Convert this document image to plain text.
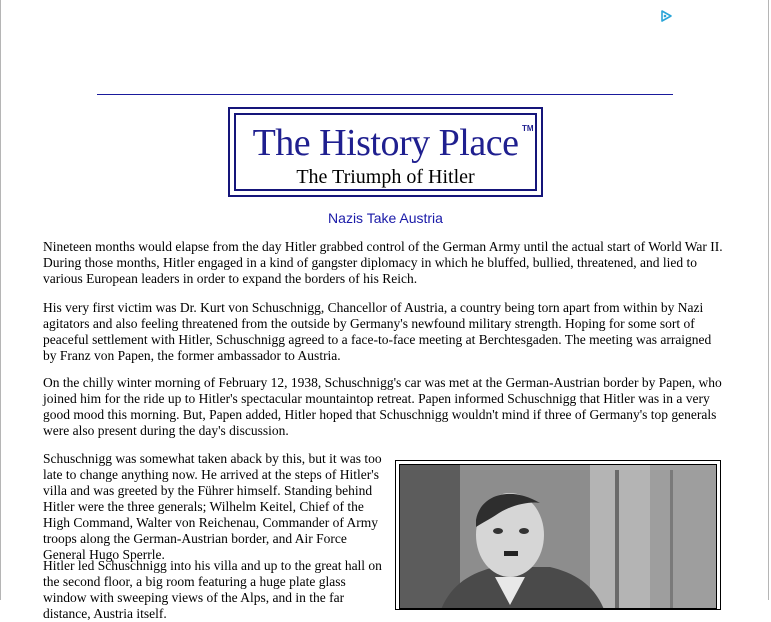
The History Place TM
The Triumph of Hitler
Nazis Take Austria

Nineteen months would elapse from the day Hitler grabbed control of the German Army until the actual start of World War II. During those months, Hitler engaged in a kind of gangster diplomacy in which he bluffed, bullied, threatened, and lied to various European leaders in order to expand the borders of his Reich.

His very first victim was Dr. Kurt von Schuschnigg, Chancellor of Austria, a country being torn apart from within by Nazi agitators and also feeling threatened from the outside by Germany's newfound military strength. Hoping for some sort of peaceful settlement with Hitler, Schuschnigg agreed to a face-to-face meeting at Berchtesgaden. The meeting was arraigned by Franz von Papen, the former ambassador to Austria.

On the chilly winter morning of February 12, 1938, Schuschnigg's car was met at the German-Austrian border by Papen, who joined him for the ride up to Hitler's spectacular mountaintop retreat. Papen informed Schuschnigg that Hitler was in a very good mood this morning. But, Papen added, Hitler hoped that Schuschnigg wouldn't mind if three of Germany's top generals were also present during the day's discussion.

Schuschnigg was somewhat taken aback by this, but it was too late to change anything now. He arrived at the steps of Hitler's villa and was greeted by the Führer himself. Standing behind Hitler were the three generals; Wilhelm Keitel, Chief of the High Command, Walter von Reichenau, Commander of Army troops along the German-Austrian border, and Air Force General Hugo Sperrle.

Hitler led Schuschnigg into his villa and up to the great hall on the second floor, a big room featuring a huge plate glass window with sweeping views of the Alps, and in the far distance, Austria itself.
